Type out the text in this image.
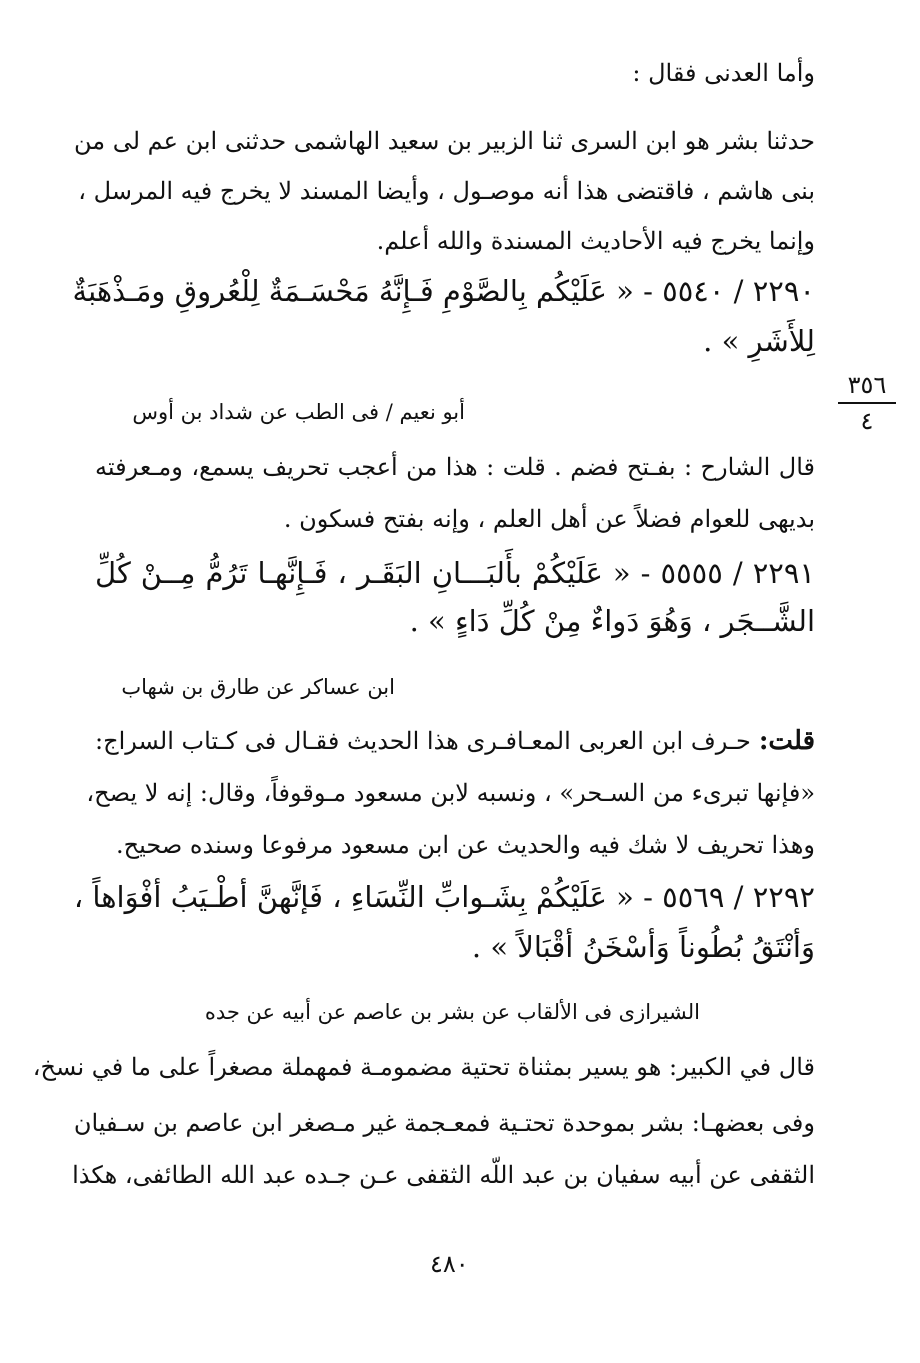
وأما العدنى فقال :
حدثنا بشر هو ابن السرى ثنا الزبير بن سعيد الهاشمى حدثنى ابن عم لى من
بنى هاشم ، فاقتضى هذا أنه موصـول ، وأيضا المسند لا يخرج فيه المرسل ،
وإنما يخرج فيه الأحاديث المسندة والله أعلم.
٢٢٩٠ / ٥٥٤٠ - « عَلَيْكُم بِالصَّوْمِ فَـإِنَّهُ مَحْسَـمَةٌ لِلْعُروقِ ومَـذْهَبَةٌ
لِلأَشَرِ » .
أبو نعيم / فى الطب عن شداد بن أوس
قال الشارح : بفـتح فضم . قلت : هذا من أعجب تحريف يسمع، ومـعرفته
بديهى للعوام فضلاً عن أهل العلم ، وإنه بفتح فسكون .
٢٢٩١ / ٥٥٥٥ - « عَلَيْكُمْ بأَلبَـــانِ البَقَـر ، فَـإِنَّهـا تَرُمُّ مِــنْ كُلِّ
الشَّــجَر ، وَهُوَ دَواءٌ مِنْ كُلِّ دَاءٍ » .
ابن عساكر عن طارق بن شهاب
قلت:
حـرف ابن العربى المعـافـرى هذا الحديث فقـال فى كـتاب السراج:
«فإنها تبرىء من السـحر» ، ونسبه لابن مسعود مـوقوفاً، وقال: إنه لا يصح،
وهذا تحريف لا شك فيه والحديث عن ابن مسعود مرفوعا وسنده صحيح.
٢٢٩٢ / ٥٥٦٩ - « عَلَيْكُمْ بِشَـوابِّ النِّسَاءِ ، فَإنَّهنَّ أطْـيَبُ أفْوَاهاً ،
وَأنْتَقُ بُطُوناً وَأسْخَنُ أقْبَالاً » .
الشيرازى فى الألقاب عن بشر بن عاصم عن أبيه عن جده
قال في الكبير: هو يسير بمثناة تحتية مضمومـة فمهملة مصغراً على ما في نسخ،
وفى بعضهـا: بشر بموحدة تحتـية فمعـجمة غير مـصغر ابن عاصم بن سـفيان
الثقفى عن أبيه سفيان بن عبد اللّه الثقفى عـن جـده عبد الله الطائفى، هكذا
٣٥٦
٤
٤٨٠
